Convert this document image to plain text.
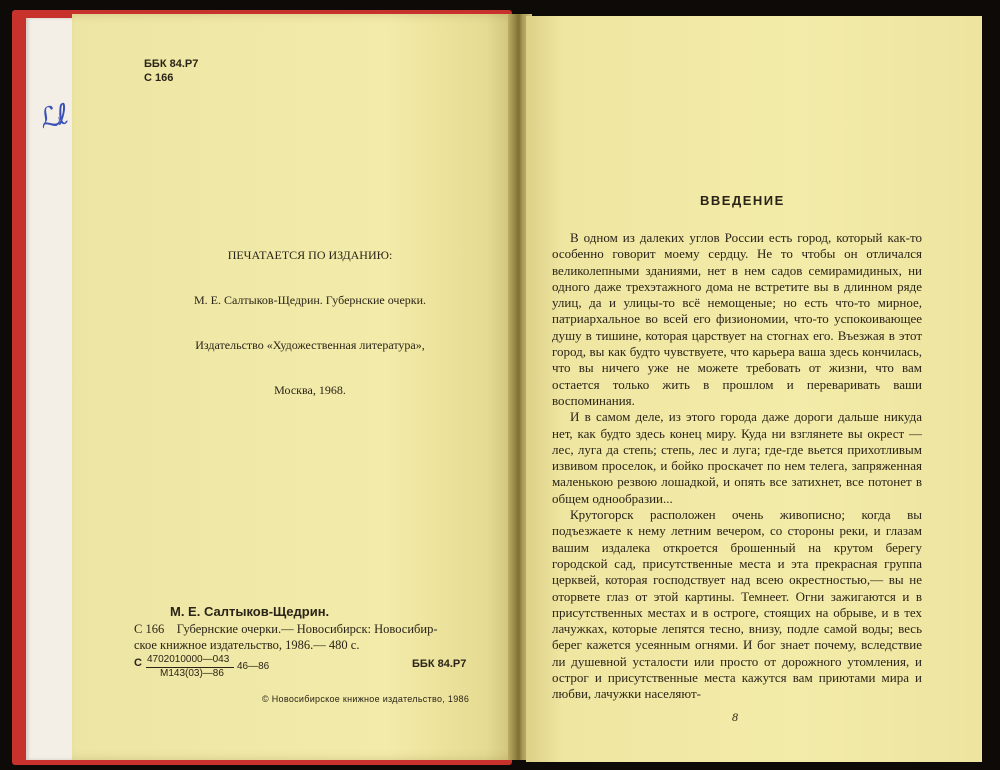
ℒℓ
ББК 84.Р7
С 166

ПЕЧАТАЕТСЯ ПО ИЗДАНИЮ:

М. Е. Салтыков-Щедрин. Губернские очерки.

Издательство «Художественная литература»,

Москва, 1968.

М. Е. Салтыков-Щедрин.
С 166    Губернские очерки.— Новосибирск: Новосибир-
ское книжное издательство, 1986.— 480 с.
С 4702010000—043
М143(03)—86
46—86	ББК 84.Р7
© Новосибирское книжное издательство, 1986
ВВЕДЕНИЕ

В одном из далеких углов России есть город, который как-то особенно говорит моему сердцу. Не то чтобы он отличался великолепными зданиями, нет в нем садов семирамидиных, ни одного даже трехэтажного дома не встретите вы в длинном ряде улиц, да и улицы-то всё немощеные; но есть что-то мирное, патриархальное во всей его физиономии, что-то успокоивающее душу в тишине, которая царствует на стогнах его. Въезжая в этот город, вы как будто чувствуете, что карьера ваша здесь кончилась, что вы ничего уже не можете требовать от жизни, что вам остается только жить в прошлом и переваривать ваши воспоминания.

И в самом деле, из этого города даже дороги дальше никуда нет, как будто здесь конец миру. Куда ни взглянете вы окрест — лес, луга да степь; степь, лес и луга; где-где вьется прихотливым извивом проселок, и бойко проскачет по нем телега, запряженная маленькою резвою лошадкой, и опять все затихнет, все потонет в общем однообразии...

Крутогорск расположен очень живописно; когда вы подъезжаете к нему летним вечером, со стороны реки, и глазам вашим издалека откроется брошенный на крутом берегу городской сад, присутственные места и эта прекрасная группа церквей, которая господствует над всею окрестностью,— вы не оторвете глаз от этой картины. Темнеет. Огни зажигаются и в присутственных местах и в остроге, стоящих на обрыве, и в тех лачужках, которые лепятся тесно, внизу, подле самой воды; весь берег кажется усеянным огнями. И бог знает почему, вследствие ли душевной усталости или просто от дорожного утомления, и острог и присутственные места кажутся вам приютами мира и любви, лачужки населяют-

8
